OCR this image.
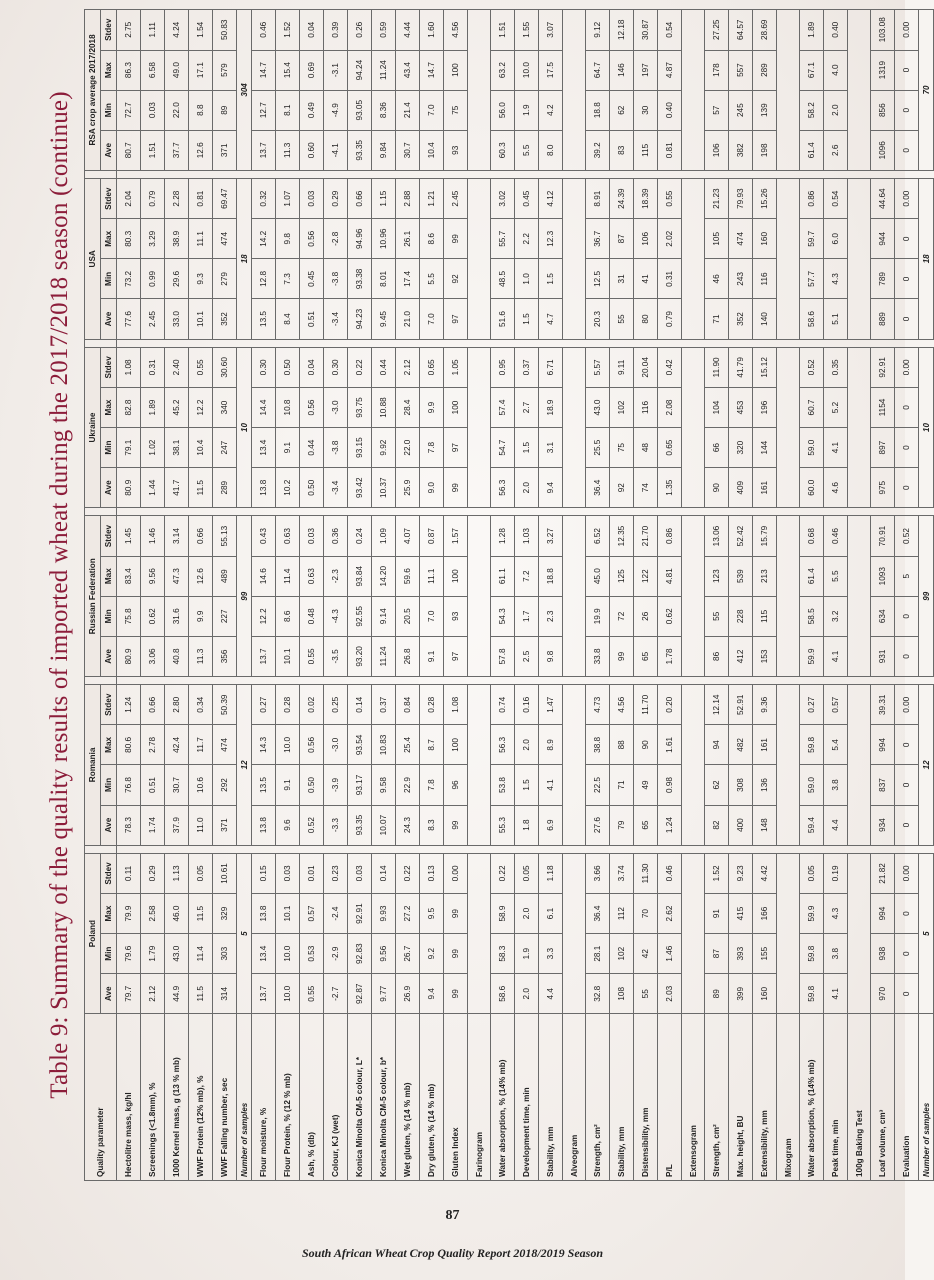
Table 9: Summary of the quality results of imported wheat during the 2017/2018 season (continue)
Quality parameter	Poland					Romania					Russian Federation					Ukraine					USA					RSA crop average 2017/2018			
	Ave	Min	Max	Stdev		Ave	Min	Max	Stdev		Ave	Min	Max	Stdev		Ave	Min	Max	Stdev		Ave	Min	Max	Stdev		Ave	Min	Max	Stdev
Hectolitre mass, kg/hl	79.7	79.6	79.9	0.11		78.3	76.8	80.6	1.24		80.9	75.8	83.4	1.45		80.9	79.1	82.8	1.08		77.6	73.2	80.3	2.04		80.7	72.7	86.3	2.75
Screenings (<1.8mm), %	2.12	1.79	2.58	0.29		1.74	0.51	2.78	0.66		3.06	0.62	9.56	1.46		1.44	1.02	1.89	0.31		2.45	0.99	3.29	0.79		1.51	0.03	6.58	1.11
1000 Kernel mass, g (13 % mb)	44.9	43.0	46.0	1.13		37.9	30.7	42.4	2.80		40.8	31.6	47.3	3.14		41.7	38.1	45.2	2.40		33.0	29.6	38.9	2.28		37.7	22.0	49.0	4.24
WWF Protein (12% mb), %	11.5	11.4	11.5	0.05		11.0	10.6	11.7	0.34		11.3	9.9	12.6	0.66		11.5	10.4	12.2	0.55		10.1	9.3	11.1	0.81		12.6	8.8	17.1	1.54
WWF Falling number, sec	314	303	329	10.61		371	292	474	50.39		356	227	489	55.13		289	247	340	30.60		352	279	474	69.47		371	89	579	50.83
Number of samples	5					12					99					10					18					304			
Flour moisture, %	13.7	13.4	13.8	0.15		13.8	13.5	14.3	0.27		13.7	12.2	14.6	0.43		13.8	13.4	14.4	0.30		13.5	12.8	14.2	0.32		13.7	12.7	14.7	0.46
Flour Protein, % (12 % mb)	10.0	10.0	10.1	0.03		9.6	9.1	10.0	0.28		10.1	8.6	11.4	0.63		10.2	9.1	10.8	0.50		8.4	7.3	9.8	1.07		11.3	8.1	15.4	1.52
Ash, % (db)	0.55	0.53	0.57	0.01		0.52	0.50	0.56	0.02		0.55	0.48	0.63	0.03		0.50	0.44	0.56	0.04		0.51	0.45	0.56	0.03		0.60	0.49	0.69	0.04
Colour, KJ (wet)	-2.7	-2.9	-2.4	0.23		-3.3	-3.9	-3.0	0.25		-3.5	-4.3	-2.3	0.36		-3.4	-3.8	-3.0	0.30		-3.4	-3.8	-2.8	0.29		-4.1	-4.9	-3.1	0.39
Konica Minolta CM-5 colour, L*	92.87	92.83	92.91	0.03		93.35	93.17	93.54	0.14		93.20	92.55	93.84	0.24		93.42	93.15	93.75	0.22		94.23	93.38	94.96	0.66		93.35	93.05	94.24	0.26
Konica Minolta CM-5 colour, b*	9.77	9.56	9.93	0.14		10.07	9.58	10.83	0.37		11.24	9.14	14.20	1.09		10.37	9.92	10.88	0.44		9.45	8.01	10.96	1.15		9.84	8.36	11.24	0.59
Wet gluten, % (14 % mb)	26.9	26.7	27.2	0.22		24.3	22.9	25.4	0.84		26.8	20.5	59.6	4.07		25.9	22.0	28.4	2.12		21.0	17.4	26.1	2.88		30.7	21.4	43.4	4.44
Dry gluten, % (14 % mb)	9.4	9.2	9.5	0.13		8.3	7.8	8.7	0.28		9.1	7.0	11.1	0.87		9.0	7.8	9.9	0.65		7.0	5.5	8.6	1.21		10.4	7.0	14.7	1.60
Gluten Index	99	99	99	0.00		99	96	100	1.08		97	93	100	1.57		99	97	100	1.05		97	92	99	2.45		93	75	100	4.56
Farinogram																													
Water absorption, % (14% mb)	58.6	58.3	58.9	0.22		55.3	53.8	56.3	0.74		57.8	54.3	61.1	1.28		56.3	54.7	57.4	0.95		51.6	48.5	55.7	3.02		60.3	56.0	63.2	1.51
Development time, min	2.0	1.9	2.0	0.05		1.8	1.5	2.0	0.16		2.5	1.7	7.2	1.03		2.0	1.5	2.7	0.37		1.5	1.0	2.2	0.45		5.5	1.9	10.0	1.55
Stability, mm	4.4	3.3	6.1	1.18		6.9	4.1	8.9	1.47		9.8	2.3	18.8	3.27		9.4	3.1	18.9	6.71		4.7	1.5	12.3	4.12		8.0	4.2	17.5	3.07
Alveogram																													
Strength, cm²	32.8	28.1	36.4	3.66		27.6	22.5	38.8	4.73		33.8	19.9	45.0	6.52		36.4	25.5	43.0	5.57		20.3	12.5	36.7	8.91		39.2	18.8	64.7	9.12
Stability, mm	108	102	112	3.74		79	71	88	4.56		99	72	125	12.35		92	75	102	9.11		55	31	87	24.39		83	62	146	12.18
Distensibility, mm	55	42	70	11.30		65	49	90	11.70		65	26	122	21.70		74	48	116	20.04		80	41	106	18.39		115	30	197	30.87
P/L	2.03	1.46	2.62	0.46		1.24	0.98	1.61	0.20		1.78	0.62	4.81	0.86		1.35	0.65	2.08	0.42		0.79	0.31	2.02	0.55		0.81	0.40	4.87	0.54
Extensogram																													
Strength, cm²	89	87	91	1.52		82	62	94	12.14		86	55	123	13.06		90	66	104	11.90		71	46	105	21.23		106	57	178	27.25
Max. height, BU	399	393	415	9.23		400	308	482	52.91		412	228	539	52.42		409	320	453	41.79		352	243	474	79.93		382	245	557	64.57
Extensibility, mm	160	155	166	4.42		148	136	161	9.36		153	115	213	15.79		161	144	196	15.12		140	116	160	15.26		198	139	289	28.69
Mixogram																													
Water absorption, % (14% mb)	59.8	59.8	59.9	0.05		59.4	59.0	59.8	0.27		59.9	58.5	61.4	0.68		60.0	59.0	60.7	0.52		58.6	57.7	59.7	0.86		61.4	58.2	67.1	1.89
Peak time, min	4.1	3.8	4.3	0.19		4.4	3.8	5.4	0.57		4.1	3.2	5.5	0.46		4.6	4.1	5.2	0.35		5.1	4.3	6.0	0.54		2.6	2.0	4.0	0.40
100g Baking Test																													
Loaf volume, cm³	970	938	994	21.82		934	837	994	39.31		931	634	1093	70.91		975	897	1154	92.91		889	789	944	44.64		1096	856	1319	103.08
Evaluation	0	0	0	0.00		0	0	0	0.00		0	0	5	0.52		0	0	0	0.00		0	0	0	0.00		0	0	0	0.00
Number of samples	5					12					99					10					18					70			
87
South African Wheat Crop Quality Report 2018/2019 Season
